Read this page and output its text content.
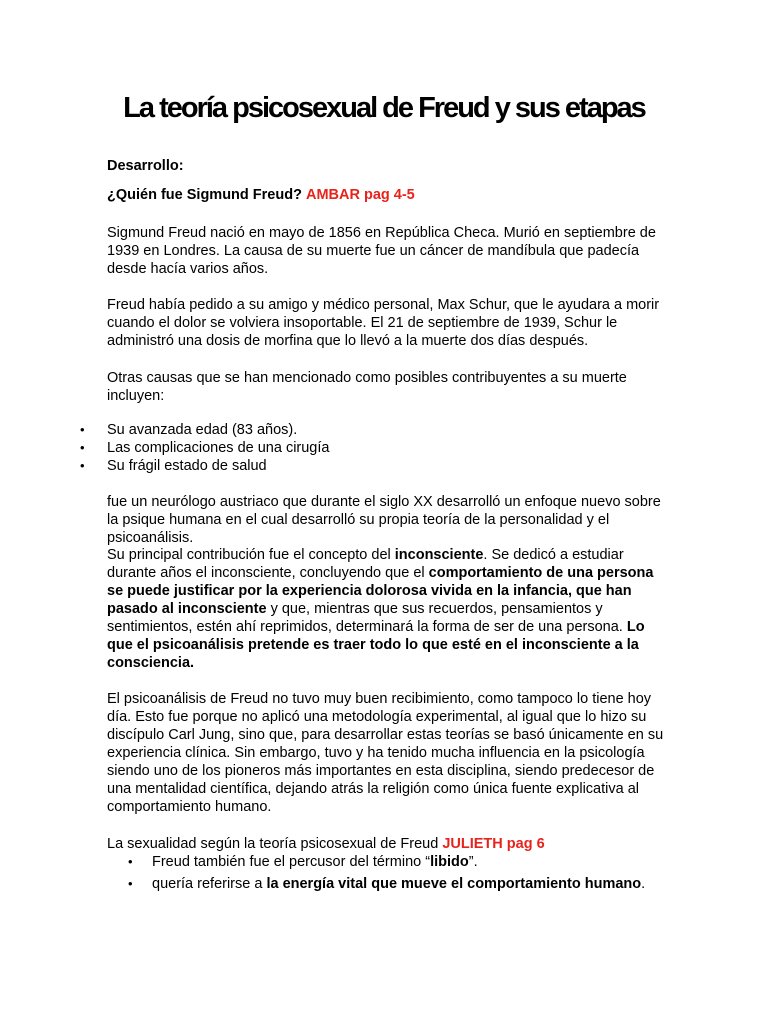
La teoría psicosexual de Freud y sus etapas

Desarrollo:

¿Quién fue Sigmund Freud? AMBAR pag 4-5

Sigmund Freud nació en mayo de 1856 en República Checa. Murió en septiembre de 1939 en Londres. La causa de su muerte fue un cáncer de mandíbula que padecía desde hacía varios años.

Freud había pedido a su amigo y médico personal, Max Schur, que le ayudara a morir cuando el dolor se volviera insoportable. El 21 de septiembre de 1939, Schur le administró una dosis de morfina que lo llevó a la muerte dos días después.

Otras causas que se han mencionado como posibles contribuyentes a su muerte incluyen:

• Su avanzada edad (83 años).
• Las complicaciones de una cirugía
• Su frágil estado de salud

fue un neurólogo austriaco que durante el siglo XX desarrolló un enfoque nuevo sobre la psique humana en el cual desarrolló su propia teoría de la personalidad y el psicoanálisis.

Su principal contribución fue el concepto del inconsciente. Se dedicó a estudiar durante años el inconsciente, concluyendo que el comportamiento de una persona se puede justificar por la experiencia dolorosa vivida en la infancia, que han pasado al inconsciente y que, mientras que sus recuerdos, pensamientos y sentimientos, estén ahí reprimidos, determinará la forma de ser de una persona. Lo que el psicoanálisis pretende es traer todo lo que esté en el inconsciente a la consciencia.

El psicoanálisis de Freud no tuvo muy buen recibimiento, como tampoco lo tiene hoy día. Esto fue porque no aplicó una metodología experimental, al igual que lo hizo su discípulo Carl Jung, sino que, para desarrollar estas teorías se basó únicamente en su experiencia clínica. Sin embargo, tuvo y ha tenido mucha influencia en la psicología siendo uno de los pioneros más importantes en esta disciplina, siendo predecesor de una mentalidad científica, dejando atrás la religión como única fuente explicativa al comportamiento humano.

La sexualidad según la teoría psicosexual de Freud JULIETH pag 6

• Freud también fue el percusor del término “libido”.
• quería referirse a la energía vital que mueve el comportamiento humano.
